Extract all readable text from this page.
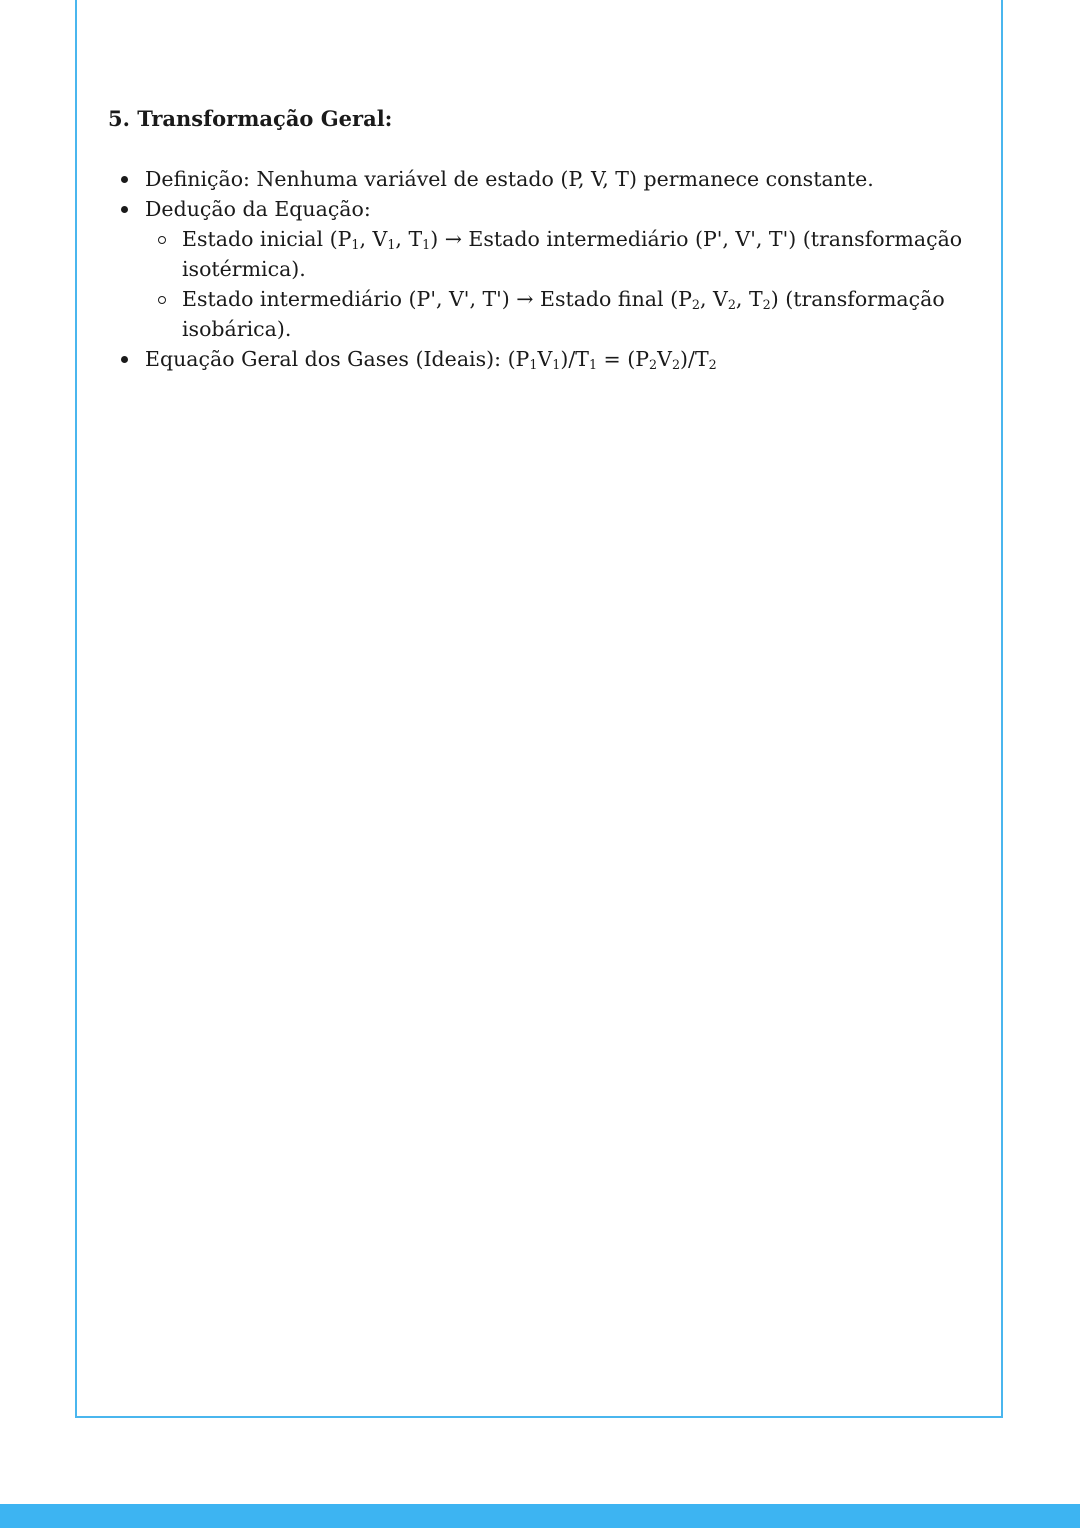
5. Transformação Geral:
Definição: Nenhuma variável de estado (P, V, T) permanece constante.
Dedução da Equação:
Estado inicial ($P_1$, $V_1$, $T_1$) → Estado intermediário (P', V', T') (transformação isotérmica).
Estado intermediário (P', V', T') → Estado final ($P_2$, $V_2$, $T_2$) (transformação isobárica).
Equação Geral dos Gases (Ideais): $(P_1V_1)/T_1 = (P_2V_2)/T_2$
